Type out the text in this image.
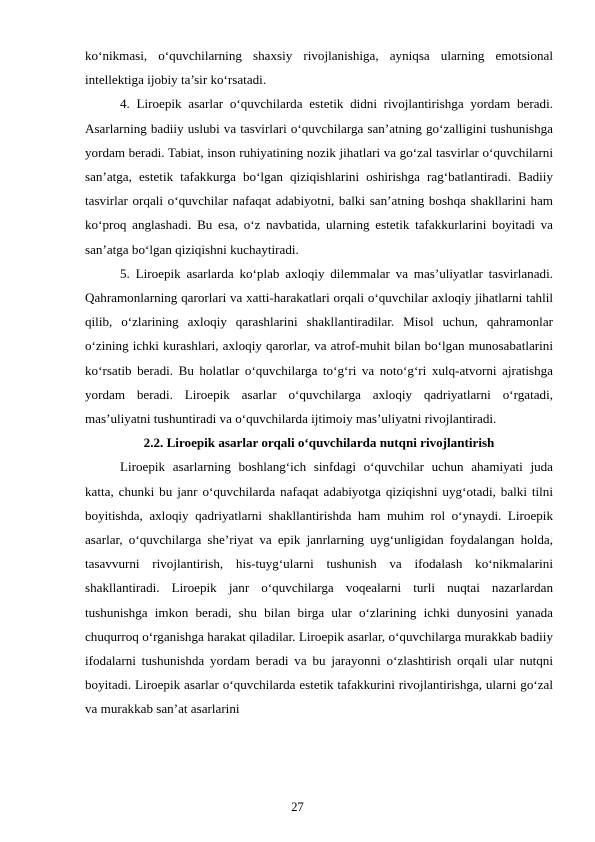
ko‘nikmasi, o‘quvchilarning shaxsiy rivojlanishiga, ayniqsa ularning emotsional intellektiga ijobiy ta’sir ko‘rsatadi.

4. Liroepik asarlar o‘quvchilarda estetik didni rivojlantirishga yordam beradi. Asarlarning badiiy uslubi va tasvirlari o‘quvchilarga san’atning go‘zalligini tushunishga yordam beradi. Tabiat, inson ruhiyatining nozik jihatlari va go‘zal tasvirlar o‘quvchilarni san’atga, estetik tafakkurga bo‘lgan qiziqishlarini oshirishga rag‘batlantiradi. Badiiy tasvirlar orqali o‘quvchilar nafaqat adabiyotni, balki san’atning boshqa shakllarini ham ko‘proq anglashadi. Bu esa, o‘z navbatida, ularning estetik tafakkurlarini boyitadi va san’atga bo‘lgan qiziqishni kuchaytiradi.

5. Liroepik asarlarda ko‘plab axloqiy dilemmalar va mas’uliyatlar tasvirlanadi. Qahramonlarning qarorlari va xatti-harakatlari orqali o‘quvchilar axloqiy jihatlarni tahlil qilib, o‘zlarining axloqiy qarashlarini shakllantiradilar. Misol uchun, qahramonlar o‘zining ichki kurashlari, axloqiy qarorlar, va atrof-muhit bilan bo‘lgan munosabatlarini ko‘rsatib beradi. Bu holatlar o‘quvchilarga to‘g‘ri va noto‘g‘ri xulq-atvorni ajratishga yordam beradi. Liroepik asarlar o‘quvchilarga axloqiy qadriyatlarni o‘rgatadi, mas’uliyatni tushuntiradi va o‘quvchilarda ijtimoiy mas’uliyatni rivojlantiradi.

2.2. Liroepik asarlar orqali o‘quvchilarda nutqni rivojlantirish

Liroepik asarlarning boshlang‘ich sinfdagi o‘quvchilar uchun ahamiyati juda katta, chunki bu janr o‘quvchilarda nafaqat adabiyotga qiziqishni uyg‘otadi, balki tilni boyitishda, axloqiy qadriyatlarni shakllantirishda ham muhim rol o‘ynaydi. Liroepik asarlar, o‘quvchilarga she’riyat va epik janrlarning uyg‘unligidan foydalangan holda, tasavvurni rivojlantirish, his-tuyg‘ularni tushunish va ifodalash ko‘nikmalarini shakllantiradi. Liroepik janr o‘quvchilarga voqealarni turli nuqtai nazarlardan tushunishga imkon beradi, shu bilan birga ular o‘zlarining ichki dunyosini yanada chuqurroq o‘rganishga harakat qiladilar. Liroepik asarlar, o‘quvchilarga murakkab badiiy ifodalarni tushunishda yordam beradi va bu jarayonni o‘zlashtirish orqali ular nutqni boyitadi. Liroepik asarlar o‘quvchilarda estetik tafakkurini rivojlantirishga, ularni go‘zal va murakkab san’at asarlarini

27
